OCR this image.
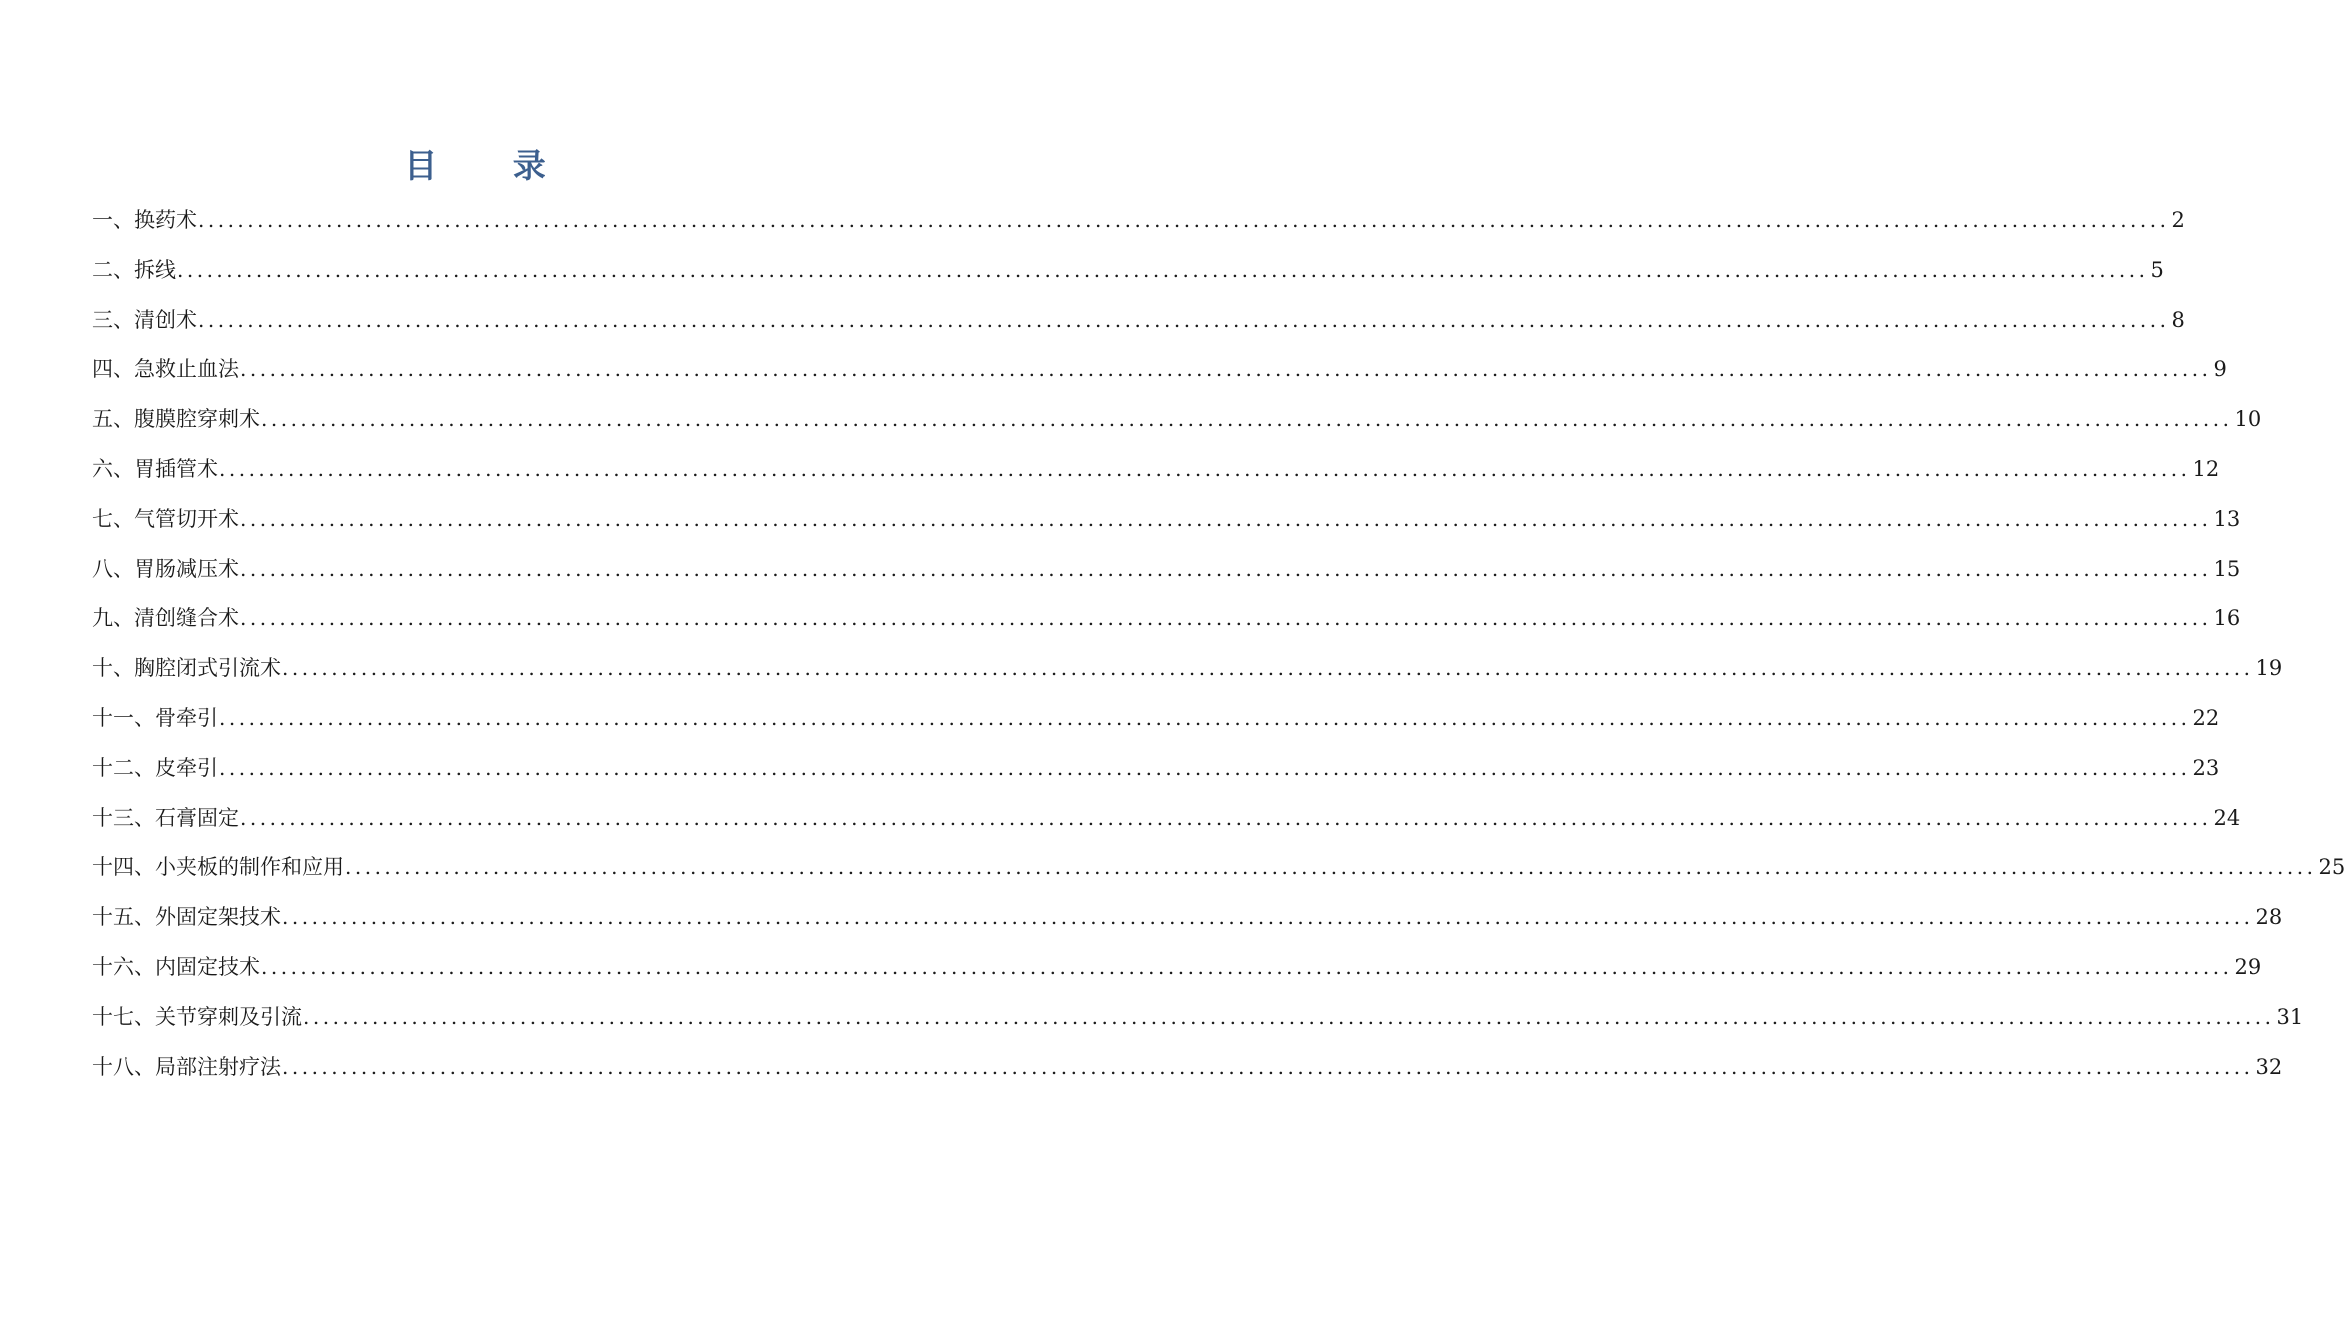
目 录
一、换药术 ........................................................................................................................................................................................................ 2
二、拆线 ........................................................................................................................................................................................................ 5
三、清创术 ........................................................................................................................................................................................................ 8
四、急救止血法 ........................................................................................................................................................................................................ 9
五、腹膜腔穿刺术 ........................................................................................................................................................................................................ 10
六、胃插管术 ........................................................................................................................................................................................................ 12
七、气管切开术 ........................................................................................................................................................................................................ 13
八、胃肠减压术 ........................................................................................................................................................................................................ 15
九、清创缝合术 ........................................................................................................................................................................................................ 16
十、胸腔闭式引流术 ........................................................................................................................................................................................................ 19
十一、骨牵引 ........................................................................................................................................................................................................ 22
十二、皮牵引 ........................................................................................................................................................................................................ 23
十三、石膏固定 ........................................................................................................................................................................................................ 24
十四、小夹板的制作和应用 ........................................................................................................................................................................................................ 25
十五、外固定架技术 ........................................................................................................................................................................................................ 28
十六、内固定技术 ........................................................................................................................................................................................................ 29
十七、关节穿刺及引流 ........................................................................................................................................................................................................ 31
十八、局部注射疗法 ........................................................................................................................................................................................................ 32
